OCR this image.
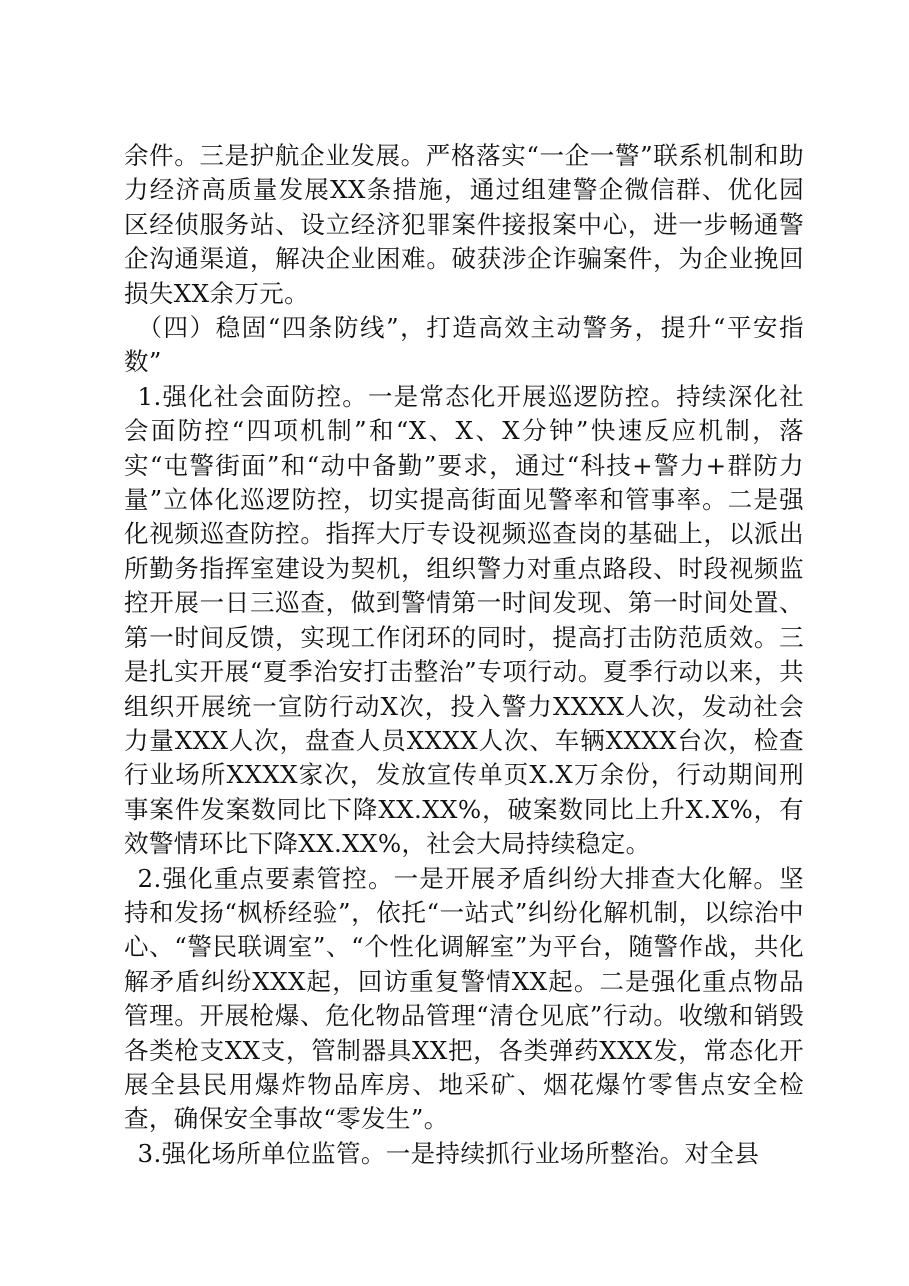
余件。三是护航企业发展。严格落实“一企一警”联系机制和助力经济高质量发展XX条措施，通过组建警企微信群、优化园区经侦服务站、设立经济犯罪案件接报案中心，进一步畅通警企沟通渠道，解决企业困难。破获涉企诈骗案件，为企业挽回损失XX余万元。

（四）稳固“四条防线”，打造高效主动警务，提升“平安指数”

1.强化社会面防控。一是常态化开展巡逻防控。持续深化社会面防控“四项机制”和“X、X、X分钟”快速反应机制，落实“屯警街面”和“动中备勤”要求，通过“科技+警力+群防力量”立体化巡逻防控，切实提高街面见警率和管事率。二是强化视频巡查防控。指挥大厅专设视频巡查岗的基础上，以派出所勤务指挥室建设为契机，组织警力对重点路段、时段视频监控开展一日三巡查，做到警情第一时间发现、第一时间处置、第一时间反馈，实现工作闭环的同时，提高打击防范质效。三是扎实开展“夏季治安打击整治”专项行动。夏季行动以来，共组织开展统一宣防行动X次，投入警力XXXX人次，发动社会力量XXX人次，盘查人员XXXX人次、车辆XXXX台次，检查行业场所XXXX家次，发放宣传单页X.X万余份，行动期间刑事案件发案数同比下降XX.XX%，破案数同比上升X.X%，有效警情环比下降XX.XX%，社会大局持续稳定。

2.强化重点要素管控。一是开展矛盾纠纷大排查大化解。坚持和发扬“枫桥经验”，依托“一站式”纠纷化解机制，以综治中心、“警民联调室”、“个性化调解室”为平台，随警作战，共化解矛盾纠纷XXX起，回访重复警情XX起。二是强化重点物品管理。开展枪爆、危化物品管理“清仓见底”行动。收缴和销毁各类枪支XX支，管制器具XX把，各类弹药XXX发，常态化开展全县民用爆炸物品库房、地采矿、烟花爆竹零售点安全检查，确保安全事故“零发生”。

3.强化场所单位监管。一是持续抓行业场所整治。对全县
